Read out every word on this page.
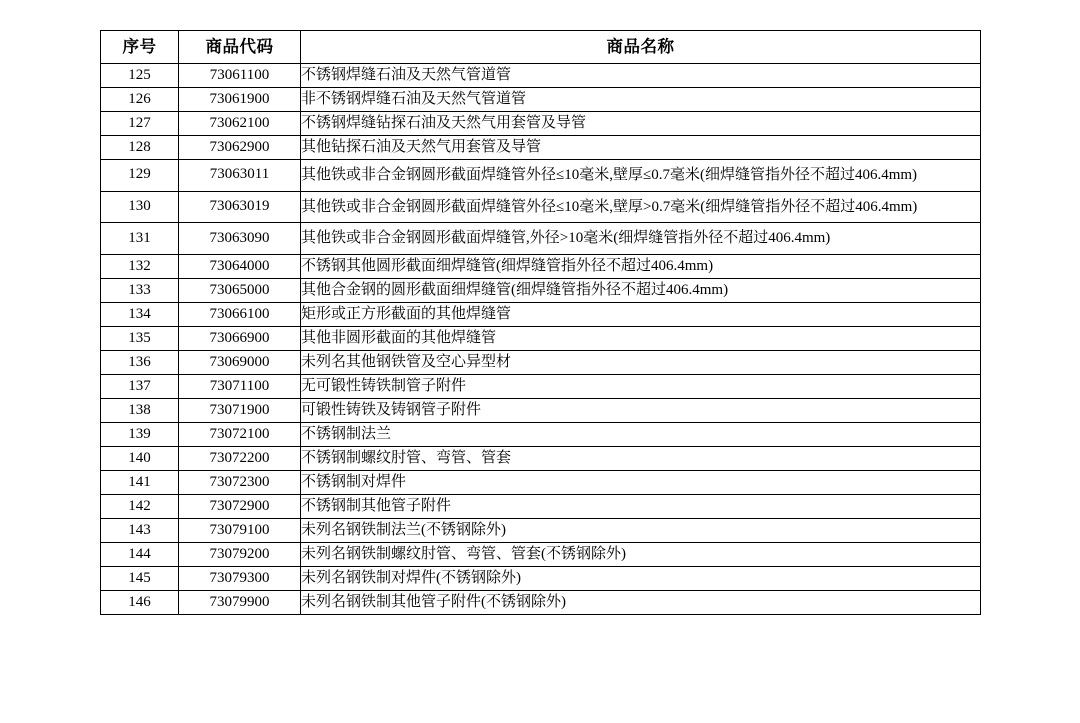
序号	商品代码	商品名称
125	73061100	不锈钢焊缝石油及天然气管道管
126	73061900	非不锈钢焊缝石油及天然气管道管
127	73062100	不锈钢焊缝钻探石油及天然气用套管及导管
128	73062900	其他钻探石油及天然气用套管及导管
129	73063011	其他铁或非合金钢圆形截面焊缝管外径≤10毫米,壁厚≤0.7毫米(细焊缝管指外径不超过406.4mm)
130	73063019	其他铁或非合金钢圆形截面焊缝管外径≤10毫米,壁厚>0.7毫米(细焊缝管指外径不超过406.4mm)
131	73063090	其他铁或非合金钢圆形截面焊缝管,外径>10毫米(细焊缝管指外径不超过406.4mm)
132	73064000	不锈钢其他圆形截面细焊缝管(细焊缝管指外径不超过406.4mm)
133	73065000	其他合金钢的圆形截面细焊缝管(细焊缝管指外径不超过406.4mm)
134	73066100	矩形或正方形截面的其他焊缝管
135	73066900	其他非圆形截面的其他焊缝管
136	73069000	未列名其他钢铁管及空心异型材
137	73071100	无可锻性铸铁制管子附件
138	73071900	可锻性铸铁及铸钢管子附件
139	73072100	不锈钢制法兰
140	73072200	不锈钢制螺纹肘管、弯管、管套
141	73072300	不锈钢制对焊件
142	73072900	不锈钢制其他管子附件
143	73079100	未列名钢铁制法兰(不锈钢除外)
144	73079200	未列名钢铁制螺纹肘管、弯管、管套(不锈钢除外)
145	73079300	未列名钢铁制对焊件(不锈钢除外)
146	73079900	未列名钢铁制其他管子附件(不锈钢除外)
